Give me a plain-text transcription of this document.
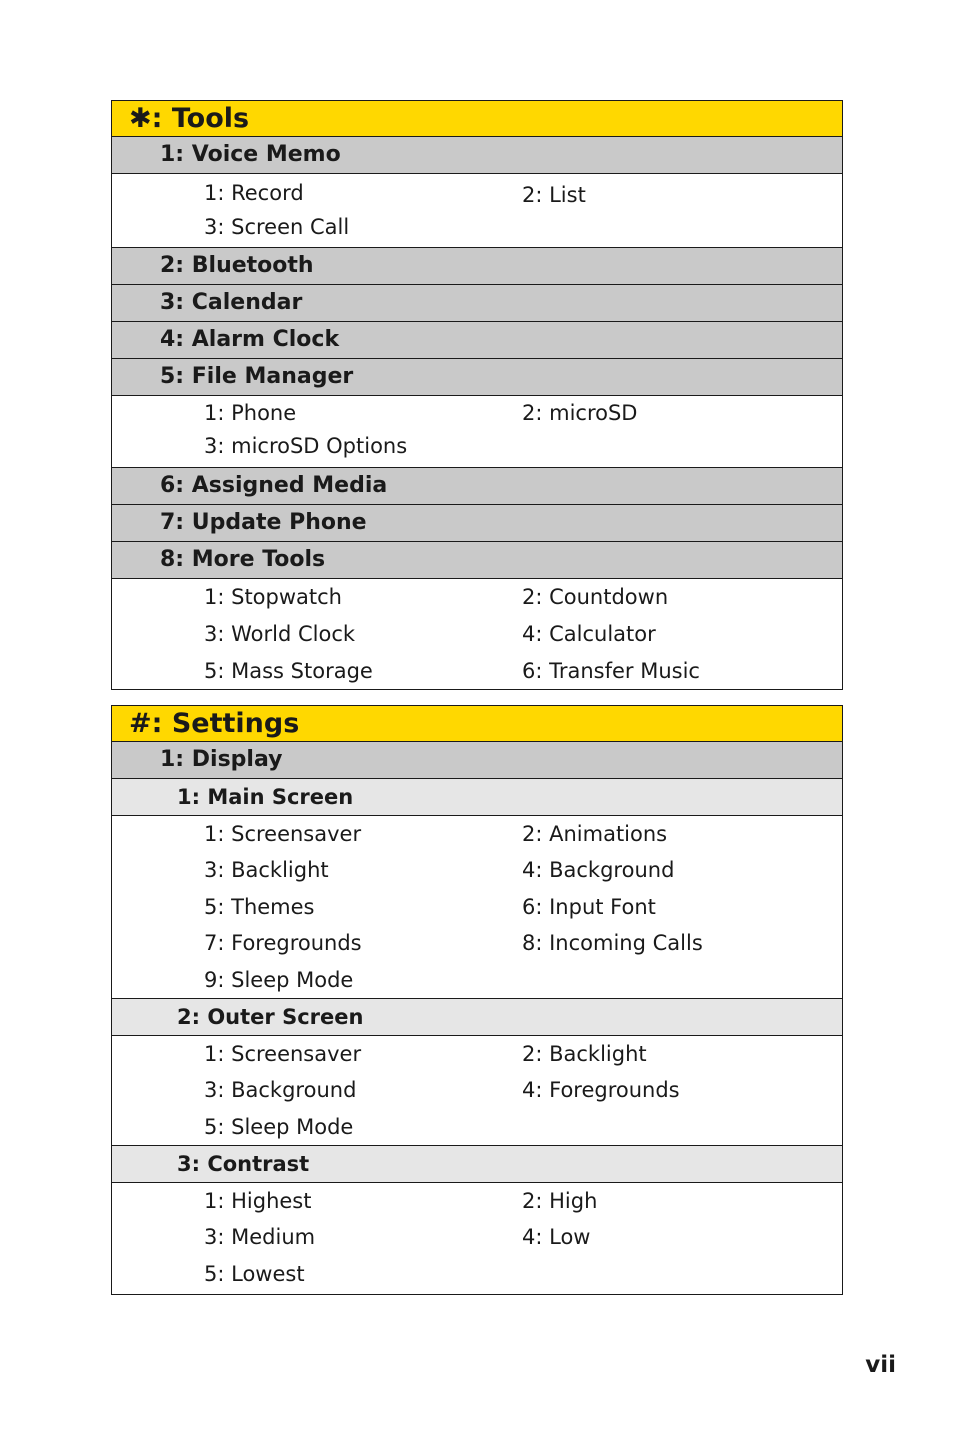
✱: Tools
1: Voice Memo
1: Record	2: List
3: Screen Call
2: Bluetooth
3: Calendar
4: Alarm Clock
5: File Manager
1: Phone	2: microSD
3: microSD Options
6: Assigned Media
7: Update Phone
8: More Tools
1: Stopwatch	2: Countdown
3: World Clock	4: Calculator
5: Mass Storage	6: Transfer Music
#: Settings
1: Display
1: Main Screen
1: Screensaver	2: Animations
3: Backlight	4: Background
5: Themes	6: Input Font
7: Foregrounds	8: Incoming Calls
9: Sleep Mode
2: Outer Screen
1: Screensaver	2: Backlight
3: Background	4: Foregrounds
5: Sleep Mode
3: Contrast
1: Highest	2: High
3: Medium	4: Low
5: Lowest
vii
